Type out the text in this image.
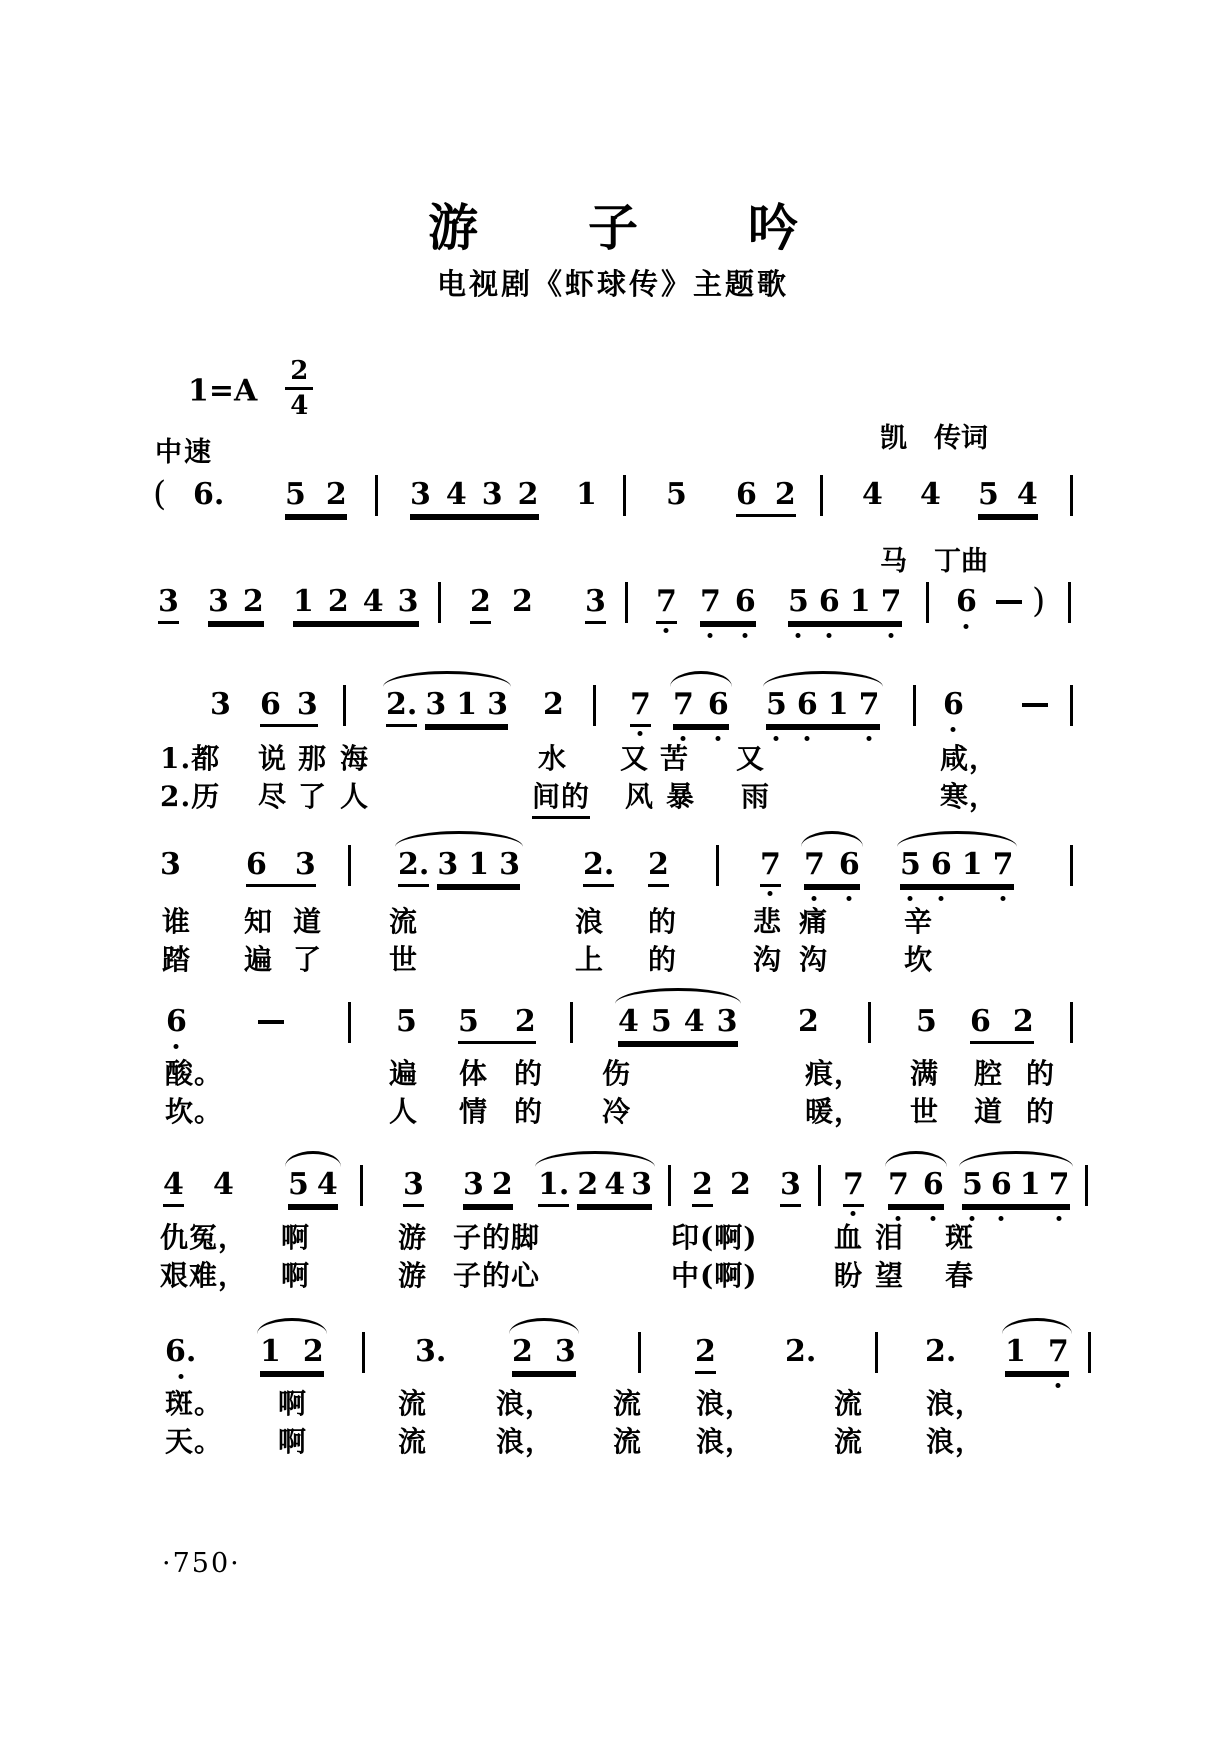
游子吟
电视剧《虾球传》主题歌

凯　传词

马　丁曲

$1=A \frac{2}{4}$
中速
( 6. 5 2 3 4 3 2 1 5 6 2 4 4 5 4
3 3 2 1 2 4 3 2 2 3 7 7 6 5 6 1 7 6 )
3 6 3 2. 3 1 3 2 7 7 6 5 6 1 7 6
3 6 3	2. 3 1 3 2. 2	7 7 6 5 6 1 7
6	5 5 2	4 5 4 3 2	5 6 2
4 4 5 4 3 3 2 1. 2 4 3 2 2 3 7 7 6 5 6 1 7
6. 1 2	3. 2 3	2 2.	2. 1 7
1.都 说 那 海	水 又 苦 又	咸，
2.历 尽 了 人	间的 风 暴 雨	寒，
谁 知 道 流	浪 的	悲 痛	辛
踏 遍 了 世	上 的	沟 沟	坎
酸。	遍 体 的 伤	痕， 满 腔 的
坎。	人 情 的 冷	暖， 世 道 的
仇冤， 啊	游 子的脚	印(啊)	血 泪 斑
艰难， 啊	游 子的心	中(啊)	盼 望 春
斑。 啊	流 浪， 流 浪，	流 浪，
天。 啊	流 浪， 流 浪，	流 浪，
·750·
